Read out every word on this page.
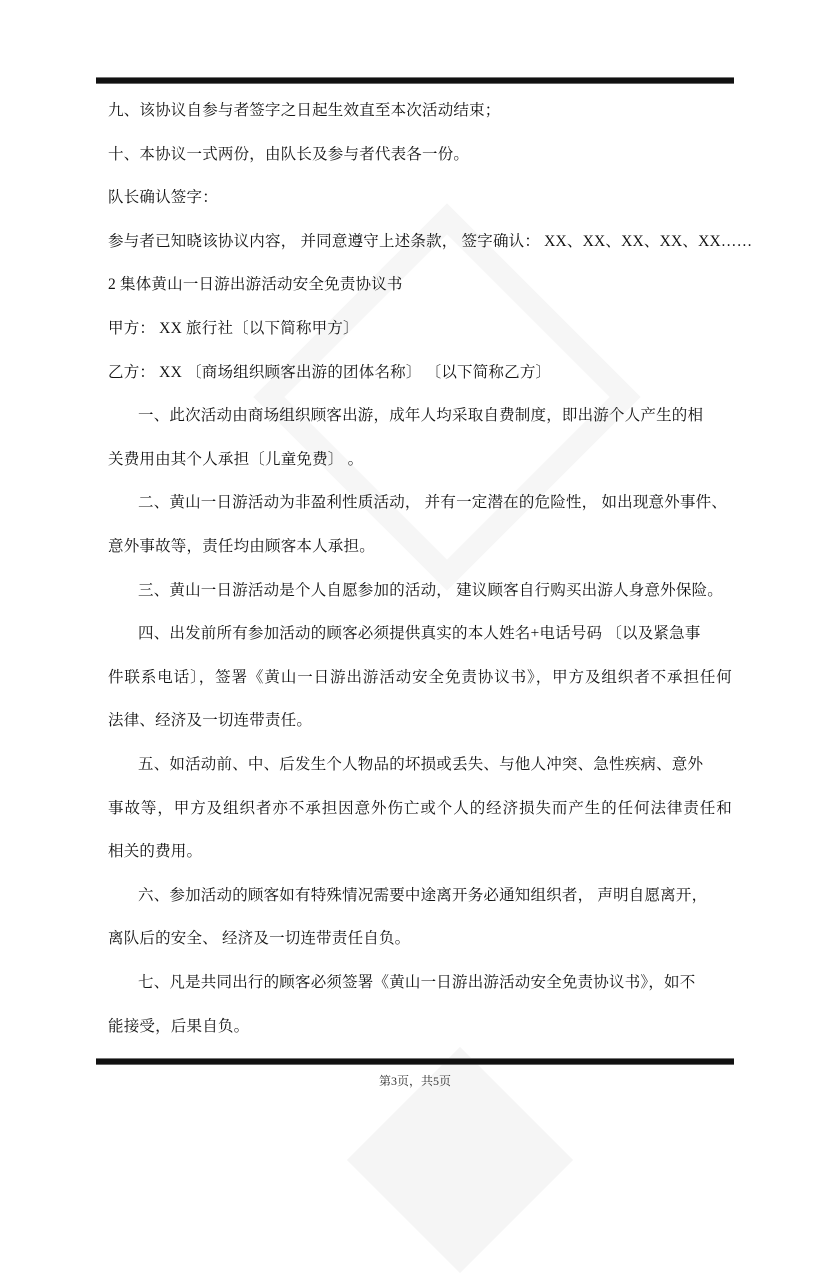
九、该协议自参与者签字之日起生效直至本次活动结束；
十、本协议一式两份，由队长及参与者代表各一份。
队长确认签字：
参与者已知晓该协议内容， 并同意遵守上述条款， 签字确认： XX、XX、XX、XX、XX……
2 集体黄山一日游出游活动安全免责协议书
甲方： XX 旅行社〔以下简称甲方〕
乙方： XX 〔商场组织顾客出游的团体名称〕 〔以下简称乙方〕
一、此次活动由商场组织顾客出游，成年人均采取自费制度，即出游个人产生的相
关费用由其个人承担〔儿童免费〕 。
二、黄山一日游活动为非盈利性质活动， 并有一定潜在的危险性， 如出现意外事件、
意外事故等，责任均由顾客本人承担。
三、黄山一日游活动是个人自愿参加的活动， 建议顾客自行购买出游人身意外保险。
四、出发前所有参加活动的顾客必须提供真实的本人姓名+电话号码 〔以及紧急事
件联系电话〕，签署《黄山一日游出游活动安全免责协议书》，甲方及组织者不承担任何
法律、经济及一切连带责任。
五、如活动前、中、后发生个人物品的坏损或丢失、与他人冲突、急性疾病、意外
事故等，甲方及组织者亦不承担因意外伤亡或个人的经济损失而产生的任何法律责任和
相关的费用。
六、参加活动的顾客如有特殊情况需要中途离开务必通知组织者， 声明自愿离开，
离队后的安全、 经济及一切连带责任自负。
七、凡是共同出行的顾客必须签署《黄山一日游出游活动安全免责协议书》，如不
能接受，后果自负。
第3页，共5页
